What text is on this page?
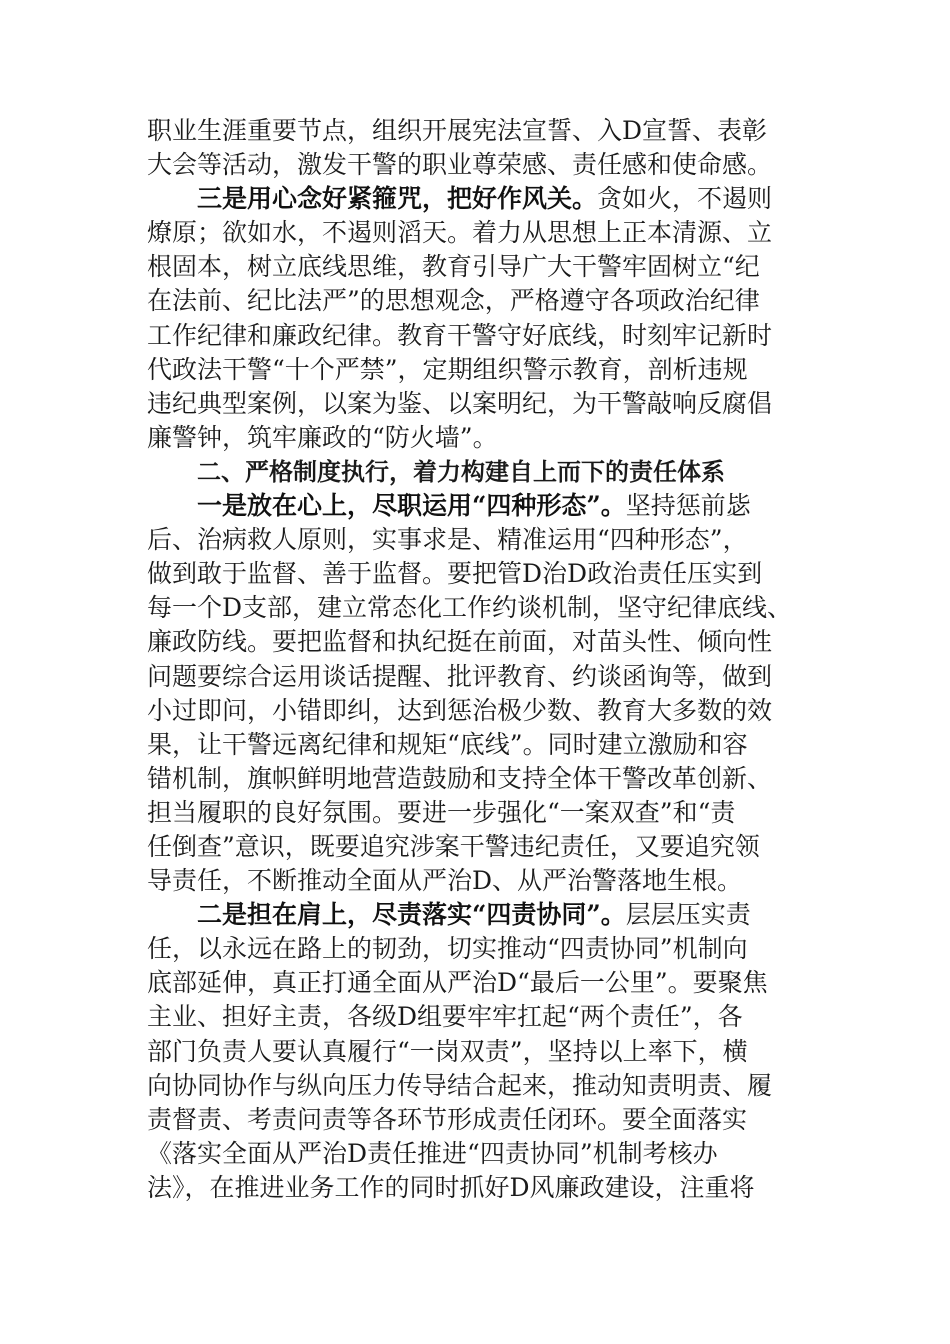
职业生涯重要节点，组织开展宪法宣誓、入D宣誓、表彰
大会等活动，激发干警的职业尊荣感、责任感和使命感。
三是用心念好紧箍咒，把好作风关。贪如火，不遏则
燎原；欲如水，不遏则滔天。着力从思想上正本清源、立
根固本，树立底线思维，教育引导广大干警牢固树立“纪
在法前、纪比法严”的思想观念，严格遵守各项政治纪律
工作纪律和廉政纪律。教育干警守好底线，时刻牢记新时
代政法干警“十个严禁”，定期组织警示教育，剖析违规
违纪典型案例，以案为鉴、以案明纪，为干警敲响反腐倡
廉警钟，筑牢廉政的“防火墙”。
二、严格制度执行，着力构建自上而下的责任体系
一是放在心上，尽职运用“四种形态”。坚持惩前毖
后、治病救人原则，实事求是、精准运用“四种形态”，
做到敢于监督、善于监督。要把管D治D政治责任压实到
每一个D支部，建立常态化工作约谈机制，坚守纪律底线、
廉政防线。要把监督和执纪挺在前面，对苗头性、倾向性
问题要综合运用谈话提醒、批评教育、约谈函询等，做到
小过即问，小错即纠，达到惩治极少数、教育大多数的效
果，让干警远离纪律和规矩“底线”。同时建立激励和容
错机制，旗帜鲜明地营造鼓励和支持全体干警改革创新、
担当履职的良好氛围。要进一步强化“一案双查”和“责
任倒查”意识，既要追究涉案干警违纪责任，又要追究领
导责任，不断推动全面从严治D、从严治警落地生根。
二是担在肩上，尽责落实“四责协同”。层层压实责
任，以永远在路上的韧劲，切实推动“四责协同”机制向
底部延伸，真正打通全面从严治D“最后一公里”。要聚焦
主业、担好主责，各级D组要牢牢扛起“两个责任”，各
部门负责人要认真履行“一岗双责”，坚持以上率下，横
向协同协作与纵向压力传导结合起来，推动知责明责、履
责督责、考责问责等各环节形成责任闭环。要全面落实
《落实全面从严治D责任推进“四责协同”机制考核办
法》，在推进业务工作的同时抓好D风廉政建设，注重将
